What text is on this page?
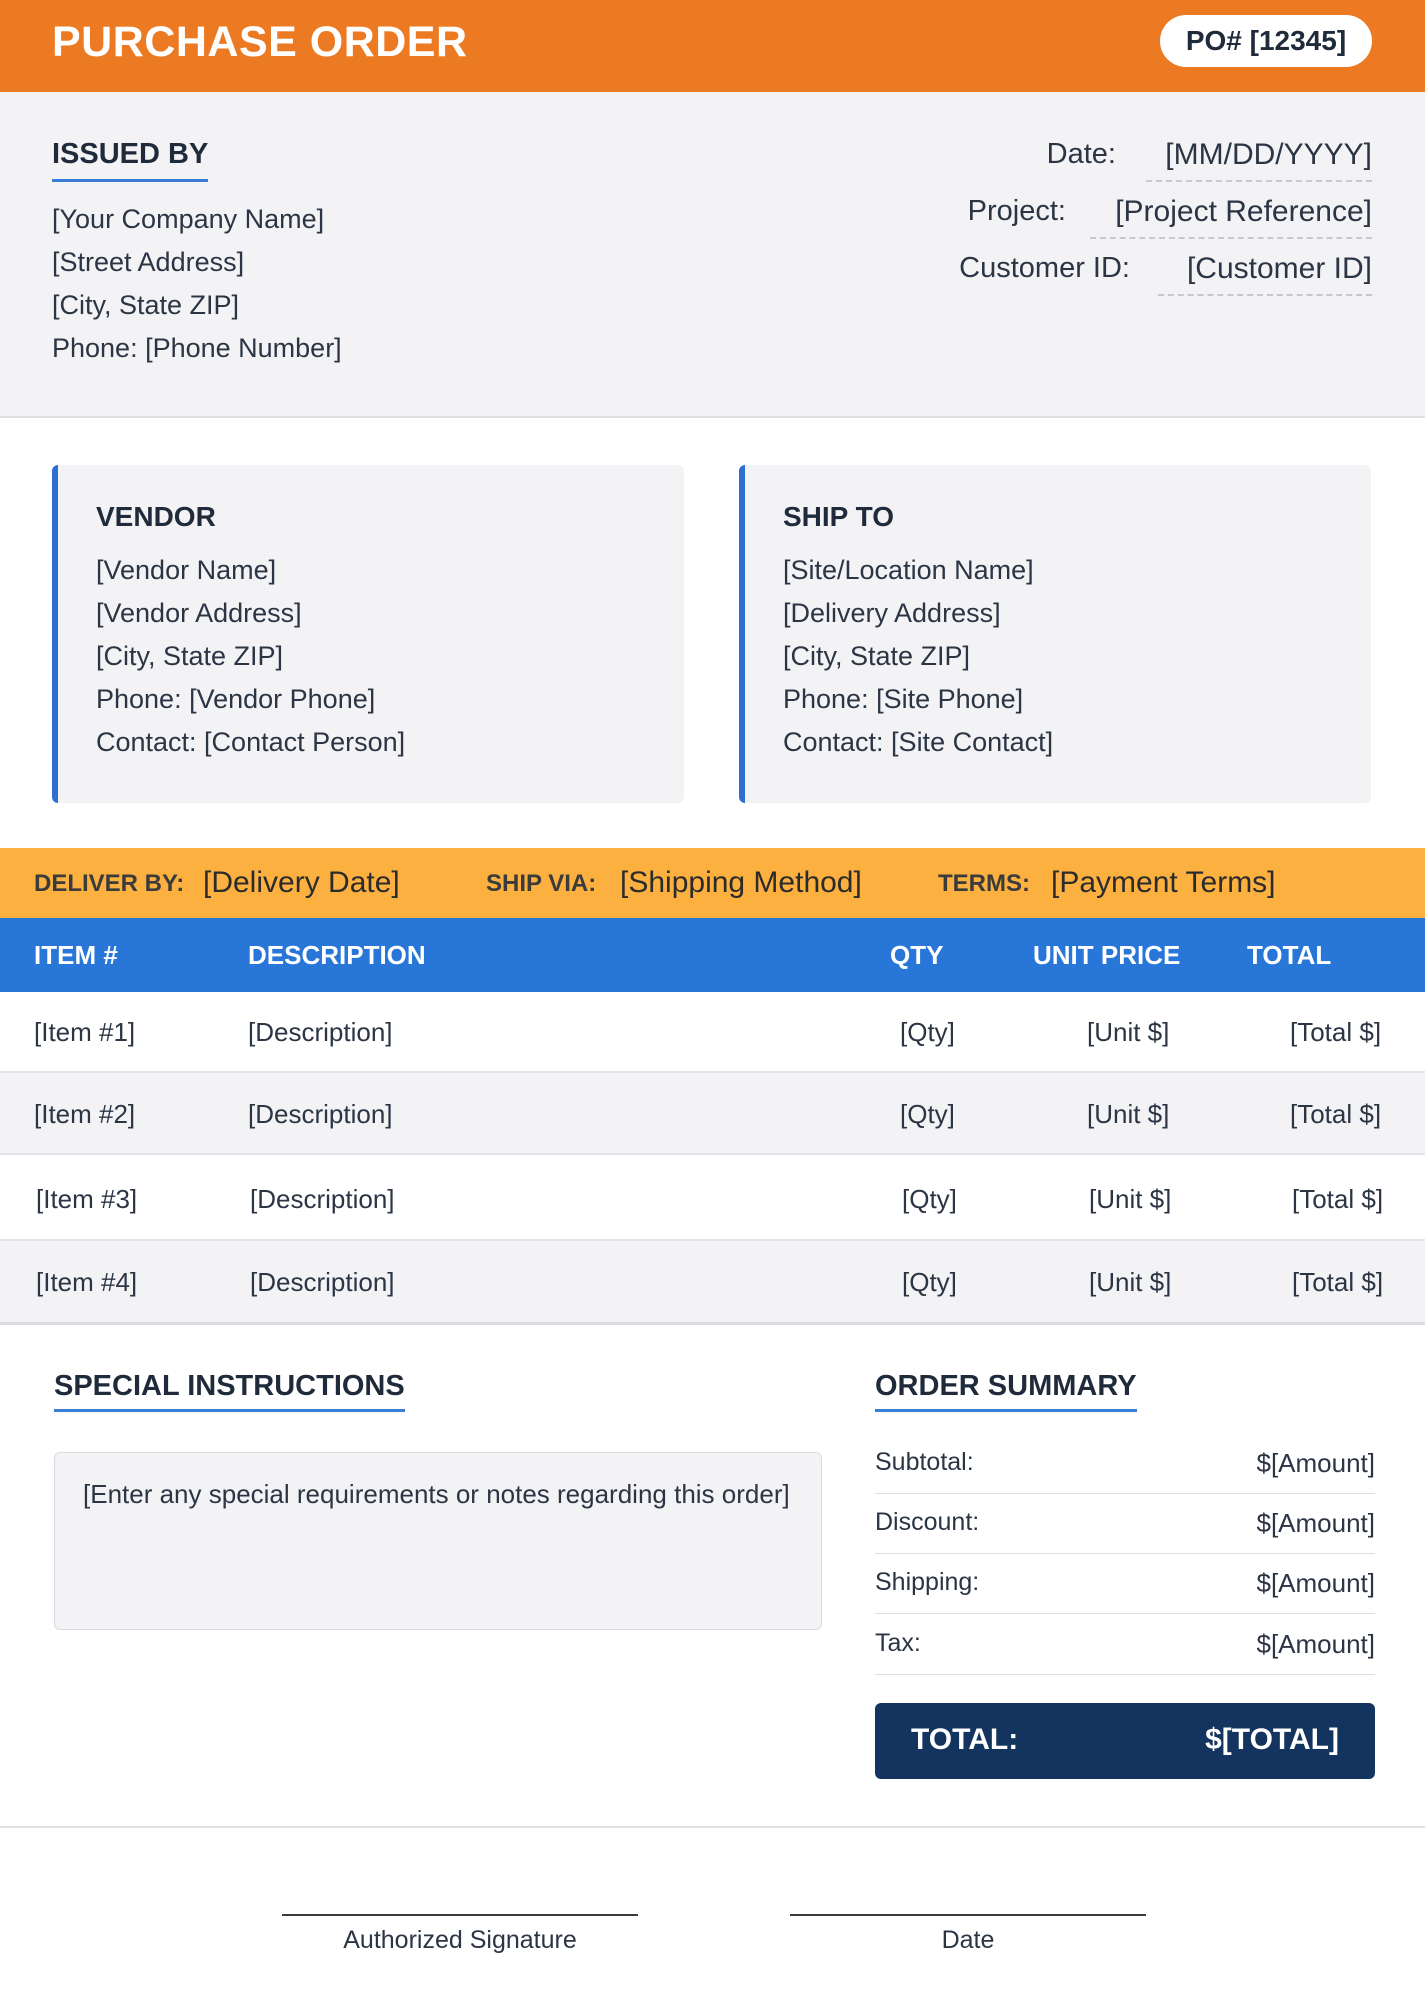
PURCHASE ORDER	PO# [12345]
ISSUED BY
[Your Company Name]
[Street Address]
[City, State ZIP]
Phone: [Phone Number]
Date:	[MM/DD/YYYY]
Project:	[Project Reference]
Customer ID:	[Customer ID]
VENDOR
[Vendor Name]
[Vendor Address]
[City, State ZIP]
Phone: [Vendor Phone]
Contact: [Contact Person]
SHIP TO
[Site/Location Name]
[Delivery Address]
[City, State ZIP]
Phone: [Site Phone]
Contact: [Site Contact]
DELIVER BY: [Delivery Date]	SHIP VIA: [Shipping Method]	TERMS: [Payment Terms]
ITEM #	DESCRIPTION	QTY	UNIT PRICE	TOTAL
[Item #1]	[Description]	[Qty]	[Unit $]	[Total $]
[Item #2]	[Description]	[Qty]	[Unit $]	[Total $]
[Item #3]	[Description]	[Qty]	[Unit $]	[Total $]
[Item #4]	[Description]	[Qty]	[Unit $]	[Total $]
SPECIAL INSTRUCTIONS
[Enter any special requirements or notes regarding this order]
ORDER SUMMARY
Subtotal:	$[Amount]
Discount:	$[Amount]
Shipping:	$[Amount]
Tax:	$[Amount]
TOTAL:	$[TOTAL]
Authorized Signature	Date
